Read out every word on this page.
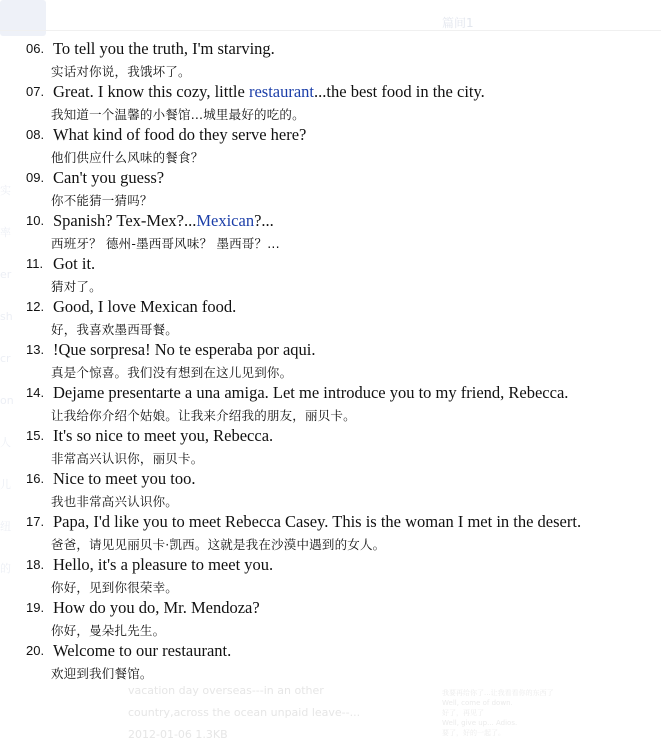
篇间1
实
率
er
sh
cr
on
人
儿
纽
的
vacation day overseas---in an other
country,across the ocean unpaid leave--...
2012-01-06 1.3KB
我要再给你了...让我看看你的东西了
Well, come of down.
好了，再见了
Well, give up... Adios.
要了，好的一起了。
06. To tell you the truth, I'm starving.
实话对你说，我饿坏了。
07. Great. I know this cozy, little restaurant...the best food in the city.
我知道一个温馨的小餐馆...城里最好的吃的。
08. What kind of food do they serve here?
他们供应什么风味的餐食？
09. Can't you guess?
你不能猜一猜吗？
10. Spanish? Tex-Mex?...Mexican?...
西班牙？ 德州-墨西哥风味？ 墨西哥？...
11. Got it.
猜对了。
12. Good, I love Mexican food.
好，我喜欢墨西哥餐。
13. !Que sorpresa! No te esperaba por aqui.
真是个惊喜。我们没有想到在这儿见到你。
14. Dejame presentarte a una amiga. Let me introduce you to my friend, Rebecca.
让我给你介绍个姑娘。让我来介绍我的朋友，丽贝卡。
15. It's so nice to meet you, Rebecca.
非常高兴认识你，丽贝卡。
16. Nice to meet you too.
我也非常高兴认识你。
17. Papa, I'd like you to meet Rebecca Casey. This is the woman I met in the desert.
爸爸，请见见丽贝卡·凯西。这就是我在沙漠中遇到的女人。
18. Hello, it's a pleasure to meet you.
你好，见到你很荣幸。
19. How do you do, Mr. Mendoza?
你好，曼朵扎先生。
20. Welcome to our restaurant.
欢迎到我们餐馆。
